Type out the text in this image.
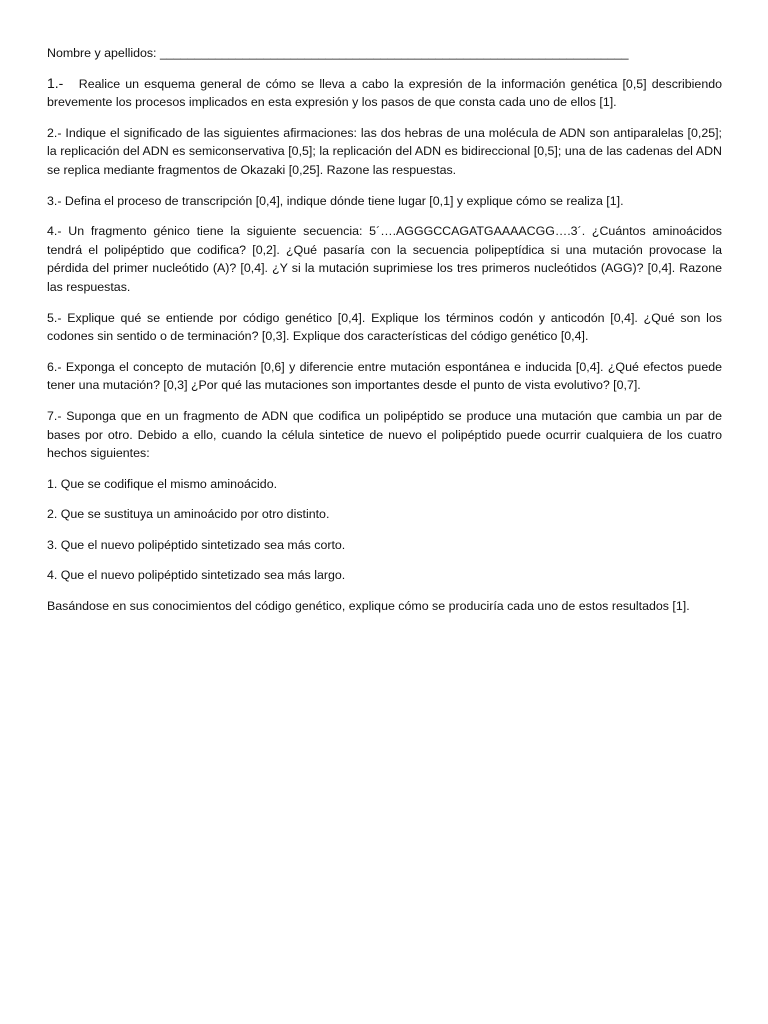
Nombre y apellidos: ____________________________________________________________________

1.- Realice un esquema general de cómo se lleva a cabo la expresión de la información genética [0,5] describiendo brevemente los procesos implicados en esta expresión y los pasos de que consta cada uno de ellos [1].

2.- Indique el significado de las siguientes afirmaciones: las dos hebras de una molécula de ADN son antiparalelas [0,25]; la replicación del ADN es semiconservativa [0,5]; la replicación del ADN es bidireccional [0,5]; una de las cadenas del ADN se replica mediante fragmentos de Okazaki [0,25]. Razone las respuestas.

3.- Defina el proceso de transcripción [0,4], indique dónde tiene lugar [0,1] y explique cómo se realiza [1].

4.- Un fragmento génico tiene la siguiente secuencia: 5´….AGGGCCAGATGAAAACGG….3´. ¿Cuántos aminoácidos tendrá el polipéptido que codifica? [0,2]. ¿Qué pasaría con la secuencia polipeptídica si una mutación provocase la pérdida del primer nucleótido (A)? [0,4]. ¿Y si la mutación suprimiese los tres primeros nucleótidos (AGG)? [0,4]. Razone las respuestas.

5.- Explique qué se entiende por código genético [0,4]. Explique los términos codón y anticodón [0,4]. ¿Qué son los codones sin sentido o de terminación? [0,3]. Explique dos características del código genético [0,4].

6.- Exponga el concepto de mutación [0,6] y diferencie entre mutación espontánea e inducida [0,4]. ¿Qué efectos puede tener una mutación? [0,3] ¿Por qué las mutaciones son importantes desde el punto de vista evolutivo? [0,7].

7.- Suponga que en un fragmento de ADN que codifica un polipéptido se produce una mutación que cambia un par de bases por otro. Debido a ello, cuando la célula sintetice de nuevo el polipéptido puede ocurrir cualquiera de los cuatro hechos siguientes:

1. Que se codifique el mismo aminoácido.

2. Que se sustituya un aminoácido por otro distinto.

3. Que el nuevo polipéptido sintetizado sea más corto.

4. Que el nuevo polipéptido sintetizado sea más largo.

Basándose en sus conocimientos del código genético, explique cómo se produciría cada uno de estos resultados [1].
